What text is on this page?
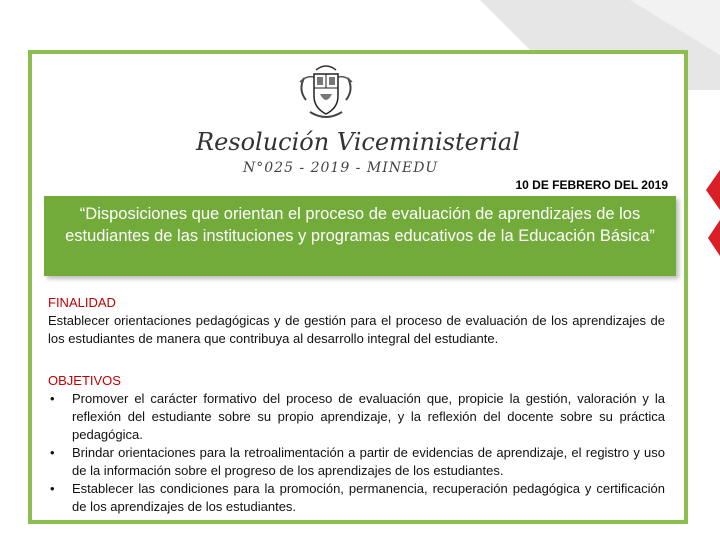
Resolución Viceministerial
N°025 - 2019 - MINEDU
10 DE FEBRERO DEL 2019
“Disposiciones que orientan el proceso de evaluación de aprendizajes de los estudiantes de las instituciones y programas educativos de la Educación Básica”

FINALIDAD

Establecer orientaciones pedagógicas y de gestión para el proceso de evaluación de los aprendizajes de los estudiantes de manera que contribuya al desarrollo integral del estudiante.

OBJETIVOS

• Promover el carácter formativo del proceso de evaluación que, propicie la gestión, valoración y la reflexión del estudiante sobre su propio aprendizaje, y la reflexión del docente sobre su práctica pedagógica.
• Brindar orientaciones para la retroalimentación a partir de evidencias de aprendizaje, el registro y uso de la información sobre el progreso de los aprendizajes de los estudiantes.
• Establecer las condiciones para la promoción, permanencia, recuperación pedagógica y certificación de los aprendizajes de los estudiantes.
